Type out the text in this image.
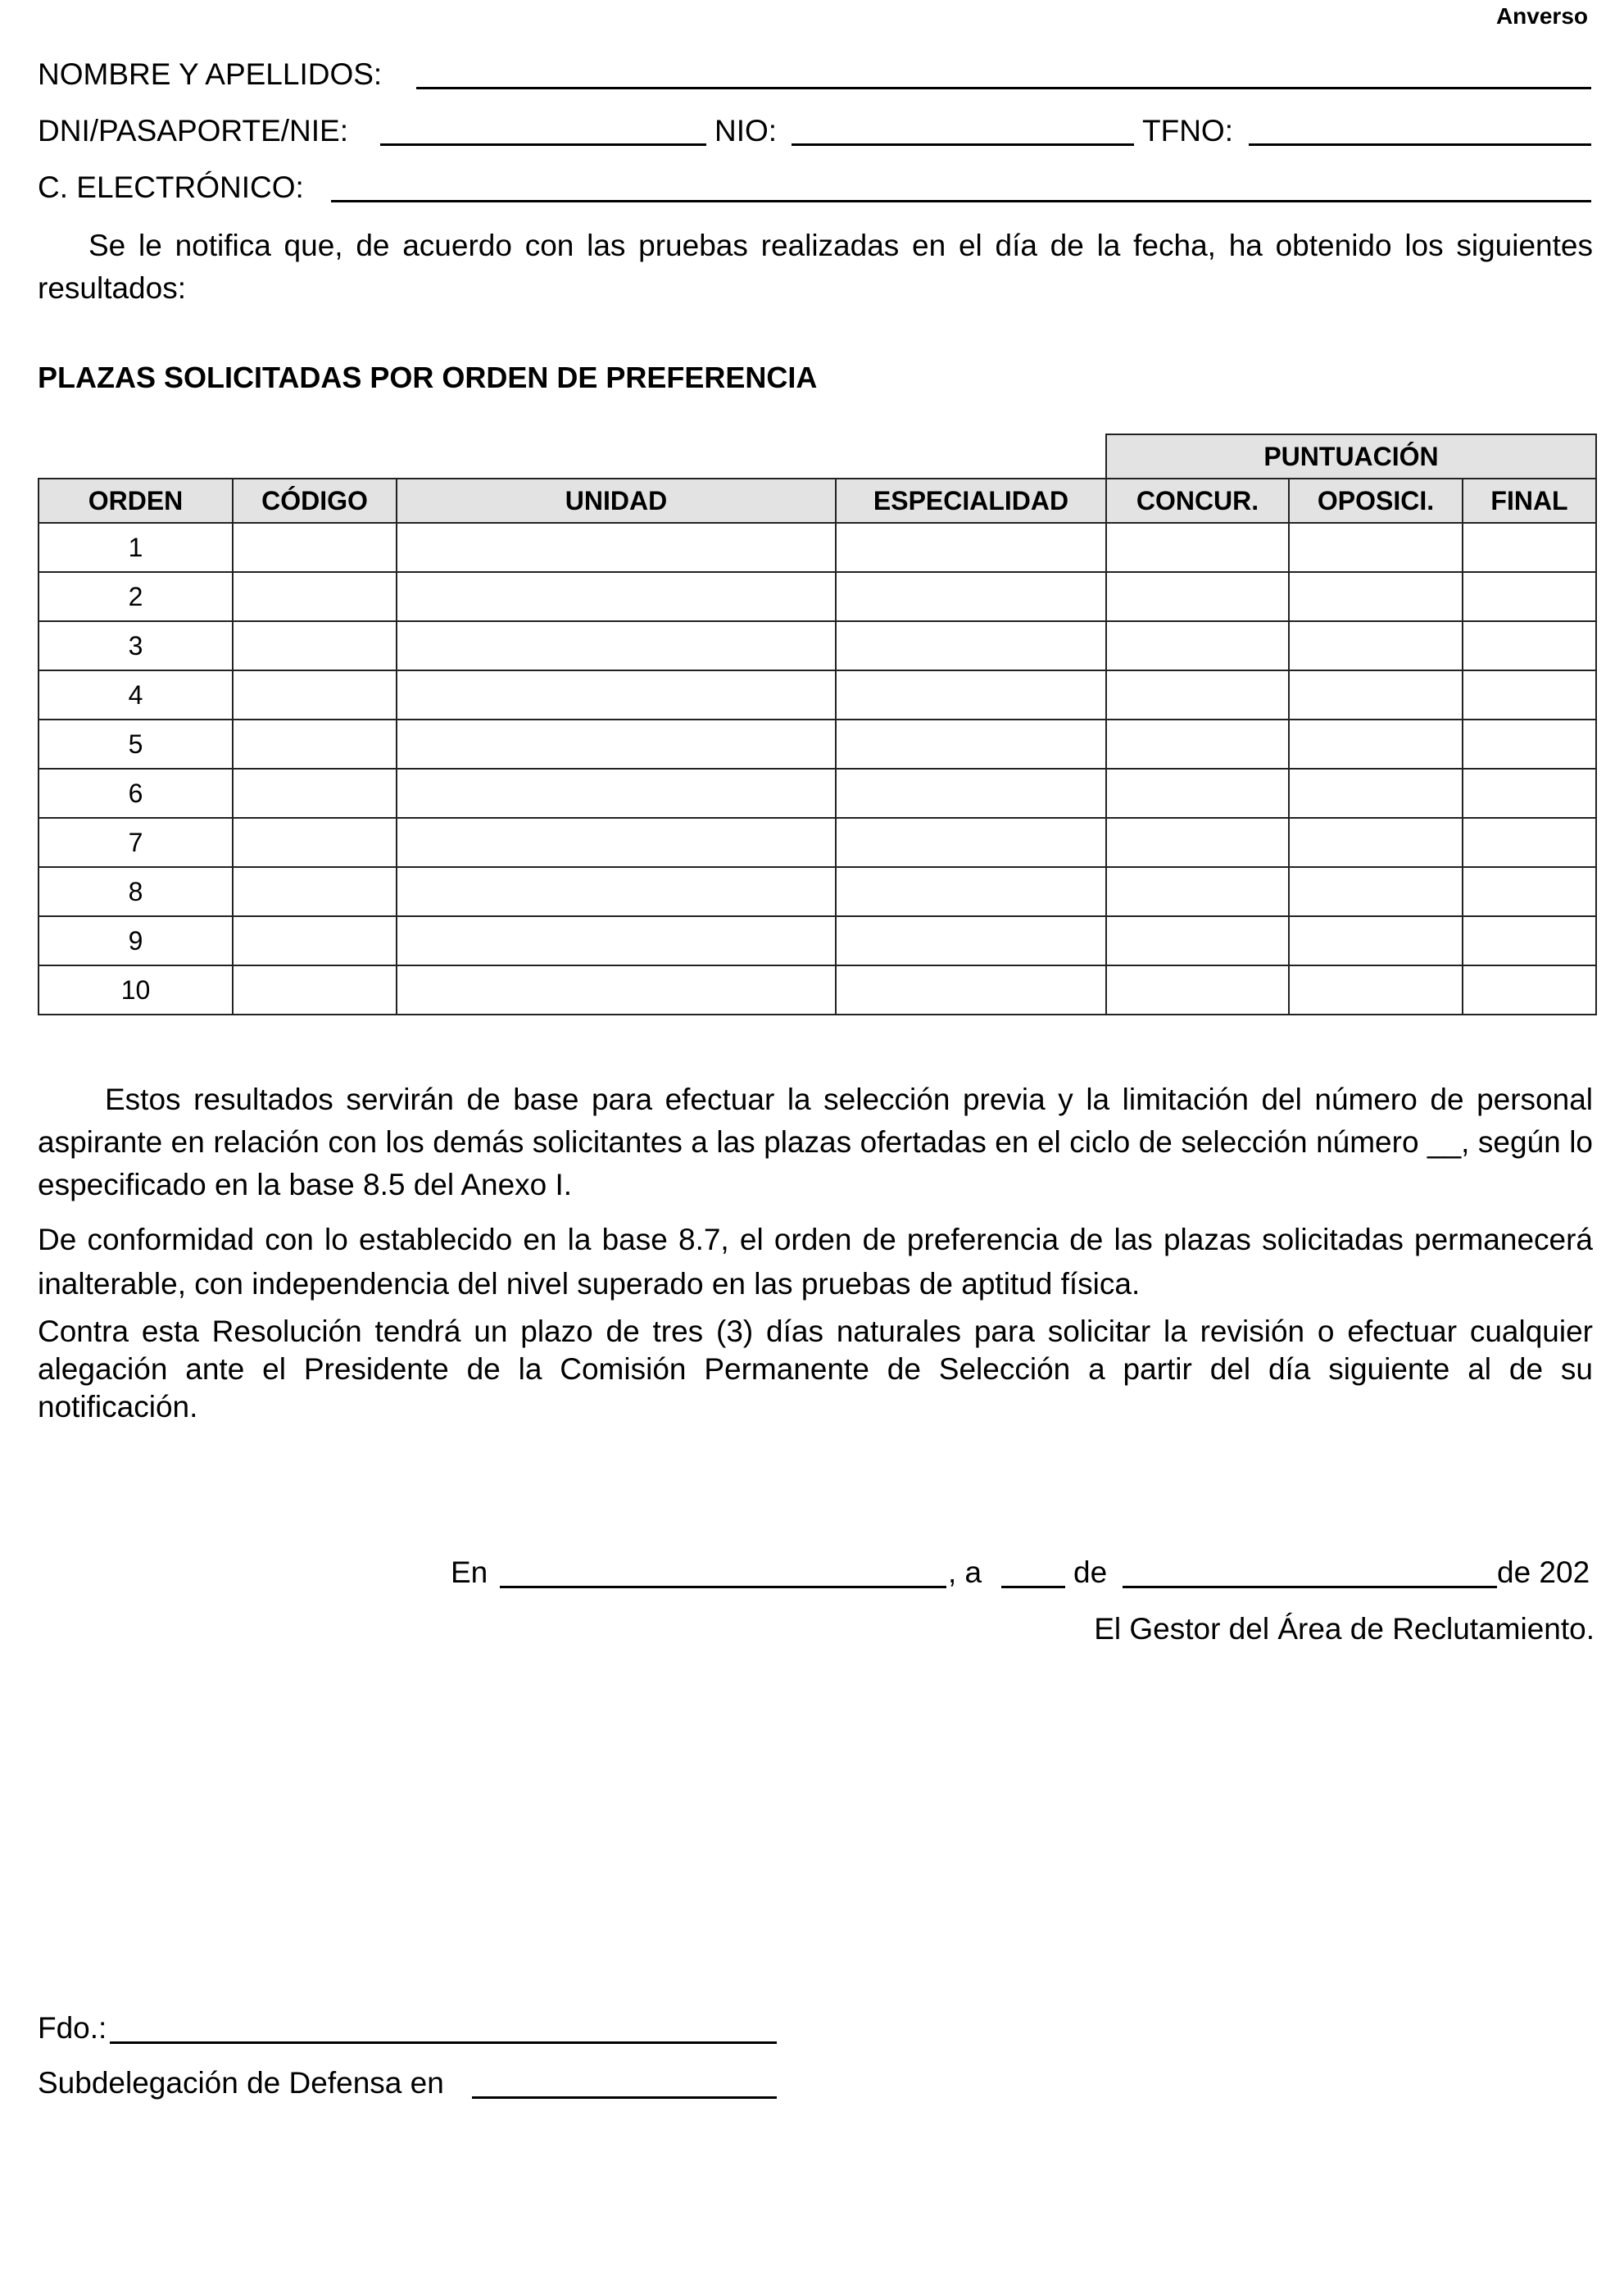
Anverso
NOMBRE Y APELLIDOS:
DNI/PASAPORTE/NIE:	NIO:	TFNO:
C. ELECTRÓNICO:
Se le notifica que, de acuerdo con las pruebas realizadas en el día de la fecha, ha obtenido los siguientes resultados:
PLAZAS SOLICITADAS POR ORDEN DE PREFERENCIA
				PUNTUACIÓN		
ORDEN	CÓDIGO	UNIDAD	ESPECIALIDAD	CONCUR.	OPOSICI.	FINAL
1						
2						
3						
4						
5						
6						
7						
8						
9						
10						
Estos resultados servirán de base para efectuar la selección previa y la limitación del número de personal aspirante en relación con los demás solicitantes a las plazas ofertadas en el ciclo de selección número __, según lo especificado en la base 8.5 del Anexo I.
De conformidad con lo establecido en la base 8.7, el orden de preferencia de las plazas solicitadas permanecerá inalterable, con independencia del nivel superado en las pruebas de aptitud física.
Contra esta Resolución tendrá un plazo de tres (3) días naturales para solicitar la revisión o efectuar cualquier alegación ante el Presidente de la Comisión Permanente de Selección a partir del día siguiente al de su notificación.
En	, a	de	de 202
El Gestor del Área de Reclutamiento.
Fdo.:
Subdelegación de Defensa en
